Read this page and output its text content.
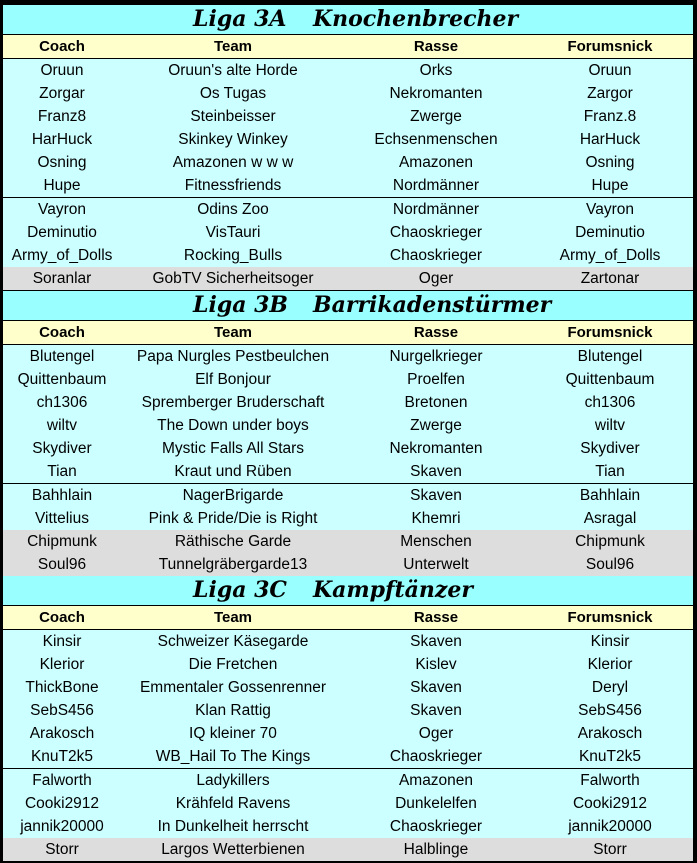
Liga 3A Knochenbrecher
Coach	Team	Rasse	Forumsnick
Oruun	Oruun's alte Horde	Orks	Oruun
Zorgar	Os Tugas	Nekromanten	Zargor
Franz8	Steinbeisser	Zwerge	Franz.8
HarHuck	Skinkey Winkey	Echsenmenschen	HarHuck
Osning	Amazonen w w w	Amazonen	Osning
Hupe	Fitnessfriends	Nordmänner	Hupe
Vayron	Odins Zoo	Nordmänner	Vayron
Deminutio	VisTauri	Chaoskrieger	Deminutio
Army_of_Dolls	Rocking_Bulls	Chaoskrieger	Army_of_Dolls
Soranlar	GobTV Sicherheitsoger	Oger	Zartonar
Liga 3B Barrikadenstürmer
Coach	Team	Rasse	Forumsnick
Blutengel	Papa Nurgles Pestbeulchen	Nurgelkrieger	Blutengel
Quittenbaum	Elf Bonjour	Proelfen	Quittenbaum
ch1306	Spremberger Bruderschaft	Bretonen	ch1306
wiltv	The Down under boys	Zwerge	wiltv
Skydiver	Mystic Falls All Stars	Nekromanten	Skydiver
Tian	Kraut und Rüben	Skaven	Tian
Bahhlain	NagerBrigarde	Skaven	Bahhlain
Vittelius	Pink & Pride/Die is Right	Khemri	Asragal
Chipmunk	Räthische Garde	Menschen	Chipmunk
Soul96	Tunnelgräbergarde13	Unterwelt	Soul96
Liga 3C Kampftänzer
Coach	Team	Rasse	Forumsnick
Kinsir	Schweizer Käsegarde	Skaven	Kinsir
Klerior	Die Fretchen	Kislev	Klerior
ThickBone	Emmentaler Gossenrenner	Skaven	Deryl
SebS456	Klan Rattig	Skaven	SebS456
Arakosch	IQ kleiner 70	Oger	Arakosch
KnuT2k5	WB_Hail To The Kings	Chaoskrieger	KnuT2k5
Falworth	Ladykillers	Amazonen	Falworth
Cooki2912	Krähfeld Ravens	Dunkelelfen	Cooki2912
jannik20000	In Dunkelheit herrscht	Chaoskrieger	jannik20000
Storr	Largos Wetterbienen	Halblinge	Storr
